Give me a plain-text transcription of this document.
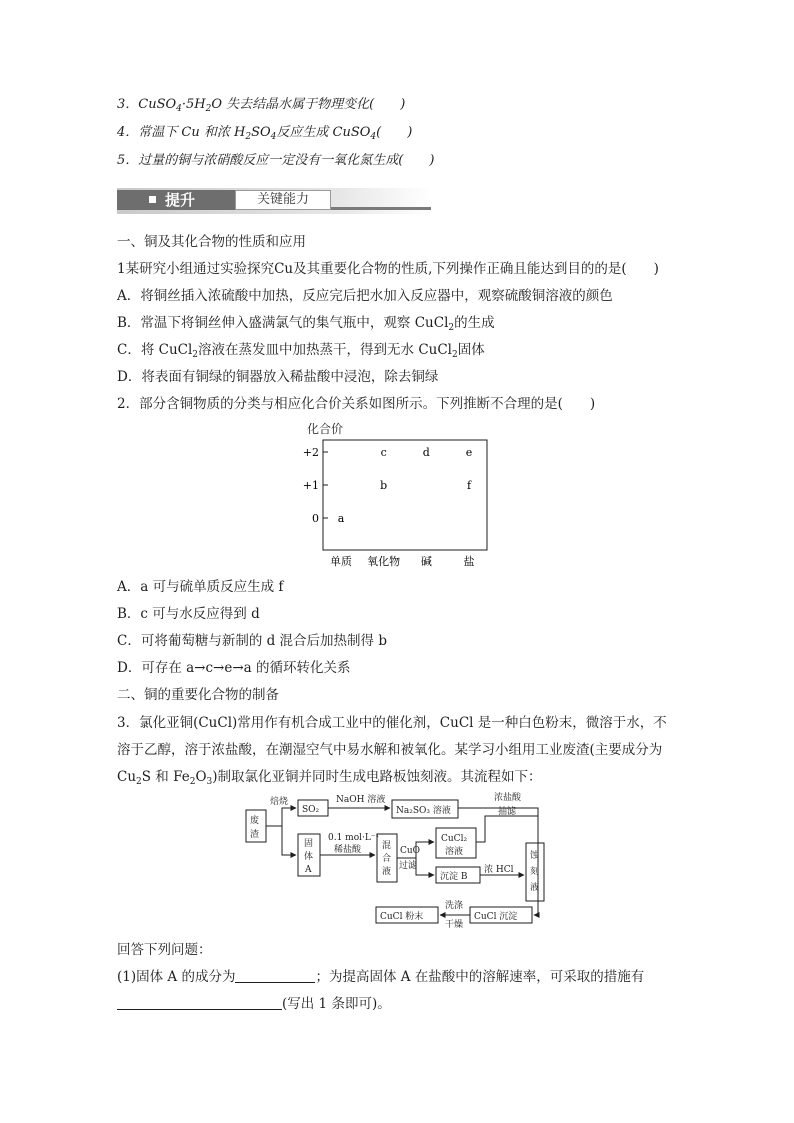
3．$CuSO_4\cdot 5H_2O$ 失去结晶水属于物理变化(　　)
4．常温下 Cu 和浓 $H_2SO_4$反应生成 CuSO$_4$(　　)
5．过量的铜与浓硝酸反应一定没有一氧化氮生成(　　)
提升	关键能力
一、铜及其化合物的性质和应用
1某研究小组通过实验探究Cu及其重要化合物的性质,下列操作正确且能达到目的的是(　　)
A．将铜丝插入浓硫酸中加热，反应完后把水加入反应器中，观察硫酸铜溶液的颜色
B．常温下将铜丝伸入盛满氯气的集气瓶中，观察 CuCl$_2$的生成
C．将 CuCl$_2$溶液在蒸发皿中加热蒸干，得到无水 CuCl$_2$固体
D．将表面有铜绿的铜器放入稀盐酸中浸泡，除去铜绿
2．部分含铜物质的分类与相应化合价关系如图所示。下列推断不合理的是(　　)
化合价
+2
+1
0 a
b
c	d	e
f
单质 氧化物 碱	盐
A．a 可与硫单质反应生成 f
B．c 可与水反应得到 d
C．可将葡萄糖与新制的 d 混合后加热制得 b
D．可存在 a→c→e→a 的循环转化关系
二、铜的重要化合物的制备
3．氯化亚铜(CuCl)常用作有机合成工业中的催化剂，CuCl 是一种白色粉末，微溶于水，不
溶于乙醇，溶于浓盐酸，在潮湿空气中易水解和被氧化。某学习小组用工业废渣(主要成分为
$Cu_2S$ 和 $Fe_2O_3$)制取氯化亚铜并同时生成电路板蚀刻液。其流程如下：
废
渣
焙烧
SO₂
NaOH 溶液
Na₂SO₃ 溶液
浓盐酸
抽滤
固
体
A
0.1 mol·L⁻¹
稀盐酸 混
合
液
CuO
过滤
CuCl₂
溶液
沉淀 B
浓 HCl
蚀
刻
液
洗涤
干燥
CuCl 沉淀
CuCl 粉末
回答下列问题：
(1)固体 A 的成分为	；为提高固体 A 在盐酸中的溶解速率，可采取的措施有
(写出 1 条即可)。
